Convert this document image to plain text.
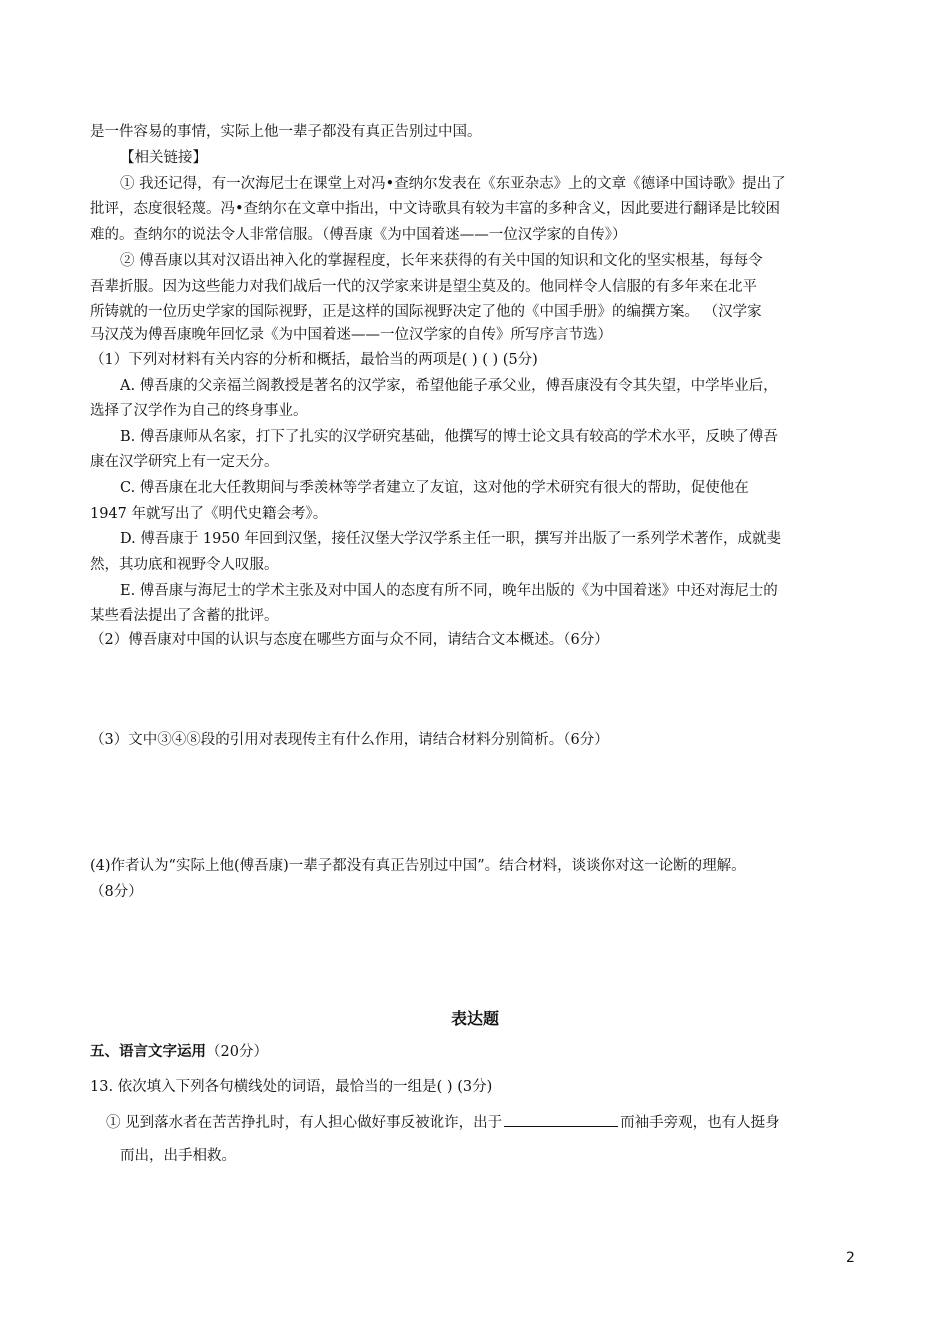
是一件容易的事情，实际上他一辈子都没有真正告别过中国。
【相关链接】
① 我还记得，有一次海尼士在课堂上对冯•查纳尔发表在《东亚杂志》上的文章《德译中国诗歌》提出了
批评，态度很轻蔑。冯•查纳尔在文章中指出，中文诗歌具有较为丰富的多种含义，因此要进行翻译是比较困
难的。查纳尔的说法令人非常信服。（傅吾康《为中国着迷——一位汉学家的自传》）
② 傅吾康以其对汉语出神入化的掌握程度，长年来获得的有关中国的知识和文化的坚实根基，每每令
吾辈折服。因为这些能力对我们战后一代的汉学家来讲是望尘莫及的。他同样令人信服的有多年来在北平
所铸就的一位历史学家的国际视野，正是这样的国际视野决定了他的《中国手册》的编撰方案。 （汉学家
马汉茂为傅吾康晚年回忆录《为中国着迷——一位汉学家的自传》所写序言节选）
（1）下列对材料有关内容的分析和概括，最恰当的两项是( ) ( ) (5分)
A. 傅吾康的父亲福兰阁教授是著名的汉学家，希望他能子承父业，傅吾康没有令其失望，中学毕业后，
选择了汉学作为自己的终身事业。
B. 傅吾康师从名家，打下了扎实的汉学研究基础，他撰写的博士论文具有较高的学术水平，反映了傅吾
康在汉学研究上有一定天分。
C. 傅吾康在北大任教期间与季羡林等学者建立了友谊，这对他的学术研究有很大的帮助，促使他在
1947 年就写出了《明代史籍会考》。
D. 傅吾康于 1950 年回到汉堡，接任汉堡大学汉学系主任一职，撰写并出版了一系列学术著作，成就斐
然，其功底和视野令人叹服。
E. 傅吾康与海尼士的学术主张及对中国人的态度有所不同，晚年出版的《为中国着迷》中还对海尼士的
某些看法提出了含蓄的批评。
（2）傅吾康对中国的认识与态度在哪些方面与众不同，请结合文本概述。（6分）
（3）文中③④⑧段的引用对表现传主有什么作用，请结合材料分别简析。（6分）
(4)作者认为“实际上他(傅吾康)一辈子都没有真正告别过中国”。结合材料，谈谈你对这一论断的理解。
（8分）
表达题
五、语言文字运用（20分）
13. 依次填入下列各句横线处的词语，最恰当的一组是( ) (3分)
① 见到落水者在苦苦挣扎时，有人担心做好事反被讹诈，出于	而袖手旁观，也有人挺身
而出，出手相救。
2
